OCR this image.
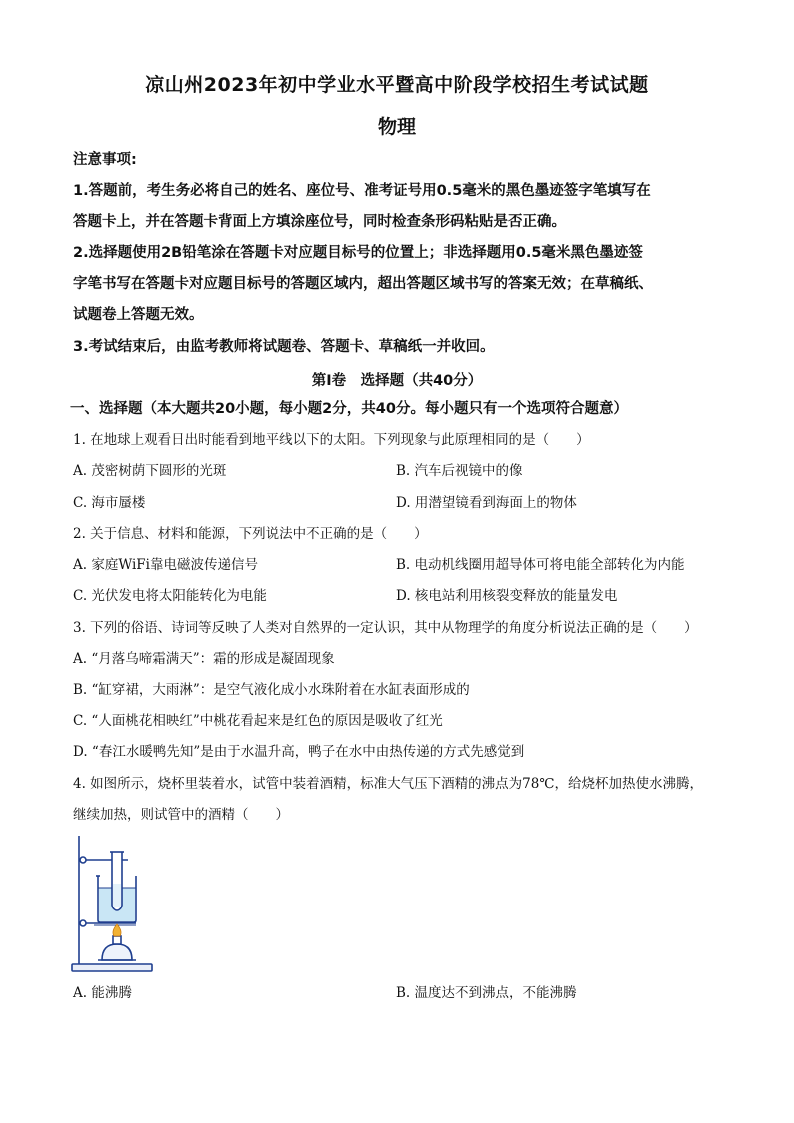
凉山州2023年初中学业水平暨高中阶段学校招生考试试题
物理
注意事项:
1.答题前，考生务必将自己的姓名、座位号、准考证号用0.5毫米的黑色墨迹签字笔填写在
答题卡上，并在答题卡背面上方填涂座位号，同时检查条形码粘贴是否正确。
2.选择题使用2B铅笔涂在答题卡对应题目标号的位置上；非选择题用0.5毫米黑色墨迹签
字笔书写在答题卡对应题目标号的答题区域内，超出答题区域书写的答案无效；在草稿纸、
试题卷上答题无效。
3.考试结束后，由监考教师将试题卷、答题卡、草稿纸一并收回。
第Ⅰ卷　选择题（共40分）
一、选择题（本大题共20小题，每小题2分，共40分。每小题只有一个选项符合题意）
1. 在地球上观看日出时能看到地平线以下的太阳。下列现象与此原理相同的是（　　）
A. 茂密树荫下圆形的光斑	B. 汽车后视镜中的像
C. 海市蜃楼	D. 用潜望镜看到海面上的物体
2. 关于信息、材料和能源，下列说法中不正确的是（　　）
A. 家庭WiFi靠电磁波传递信号	B. 电动机线圈用超导体可将电能全部转化为内能
C. 光伏发电将太阳能转化为电能	D. 核电站利用核裂变释放的能量发电
3. 下列的俗语、诗词等反映了人类对自然界的一定认识，其中从物理学的角度分析说法正确的是（　　）
A. “月落乌啼霜满天”：霜的形成是凝固现象
B. “缸穿裙，大雨淋”：是空气液化成小水珠附着在水缸表面形成的
C. “人面桃花相映红”中桃花看起来是红色的原因是吸收了红光
D. “春江水暖鸭先知”是由于水温升高，鸭子在水中由热传递的方式先感觉到
4. 如图所示，烧杯里装着水，试管中装着酒精，标准大气压下酒精的沸点为78℃，给烧杯加热使水沸腾，
继续加热，则试管中的酒精（　　）
A. 能沸腾	B. 温度达不到沸点，不能沸腾
